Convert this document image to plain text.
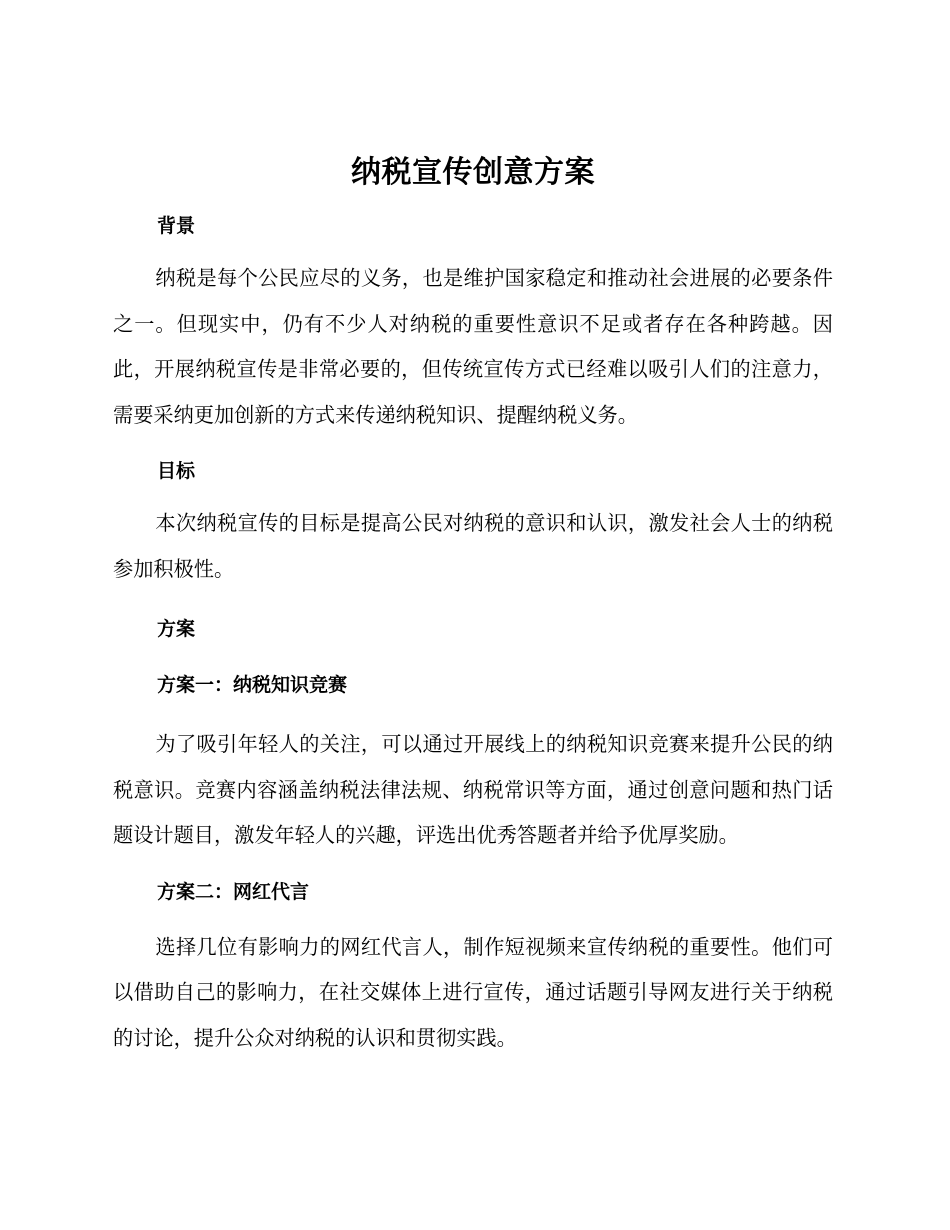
纳税宣传创意方案
背景

纳税是每个公民应尽的义务，也是维护国家稳定和推动社会进展的必要条件之一。但现实中，仍有不少人对纳税的重要性意识不足或者存在各种跨越。因此，开展纳税宣传是非常必要的，但传统宣传方式已经难以吸引人们的注意力，需要采纳更加创新的方式来传递纳税知识、提醒纳税义务。

目标

本次纳税宣传的目标是提高公民对纳税的意识和认识，激发社会人士的纳税参加积极性。

方案
方案一：纳税知识竞赛

为了吸引年轻人的关注，可以通过开展线上的纳税知识竞赛来提升公民的纳税意识。竞赛内容涵盖纳税法律法规、纳税常识等方面，通过创意问题和热门话题设计题目，激发年轻人的兴趣，评选出优秀答题者并给予优厚奖励。

方案二：网红代言

选择几位有影响力的网红代言人，制作短视频来宣传纳税的重要性。他们可以借助自己的影响力，在社交媒体上进行宣传，通过话题引导网友进行关于纳税的讨论，提升公众对纳税的认识和贯彻实践。
